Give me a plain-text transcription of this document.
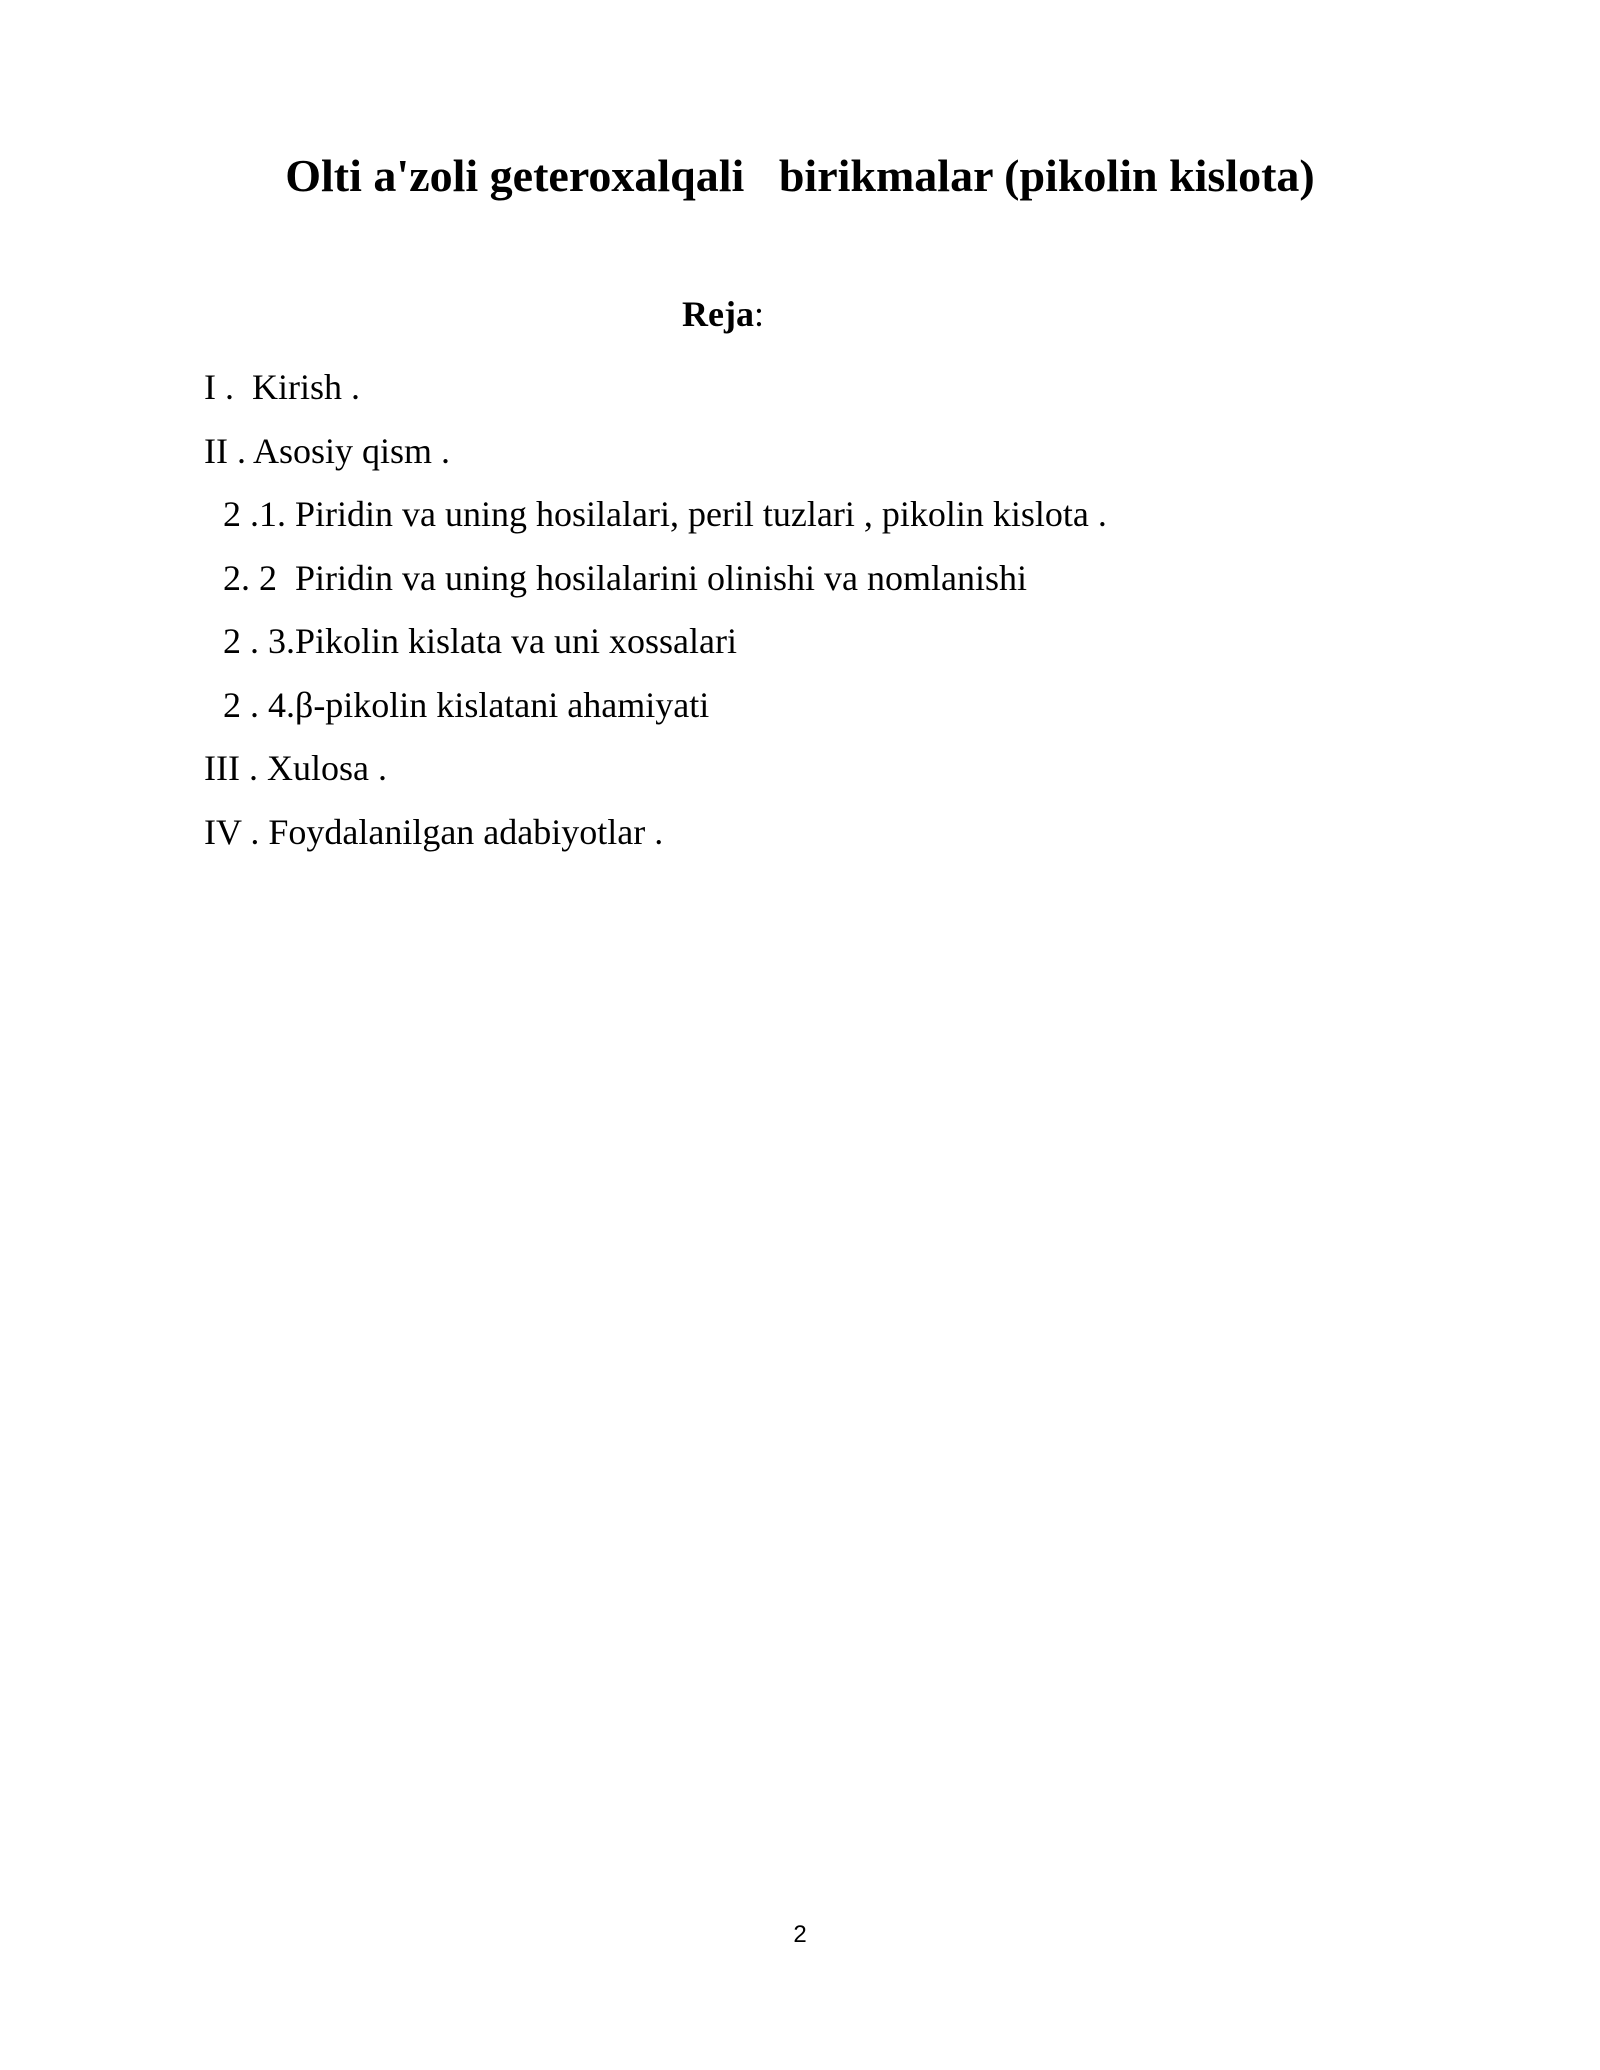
Olti a'zoli geteroxalqali   birikmalar (pikolin kislota)
Reja:
I .  Kirish .
II . Asosiy qism .
2 .1. Piridin va uning hosilalari, peril tuzlari , pikolin kislota .
2. 2  Piridin va uning hosilalarini olinishi va nomlanishi
2 . 3.Pikolin kislata va uni xossalari
2 . 4.β-pikolin kislatani ahamiyati
III . Xulosa .
IV . Foydalanilgan adabiyotlar .
2
